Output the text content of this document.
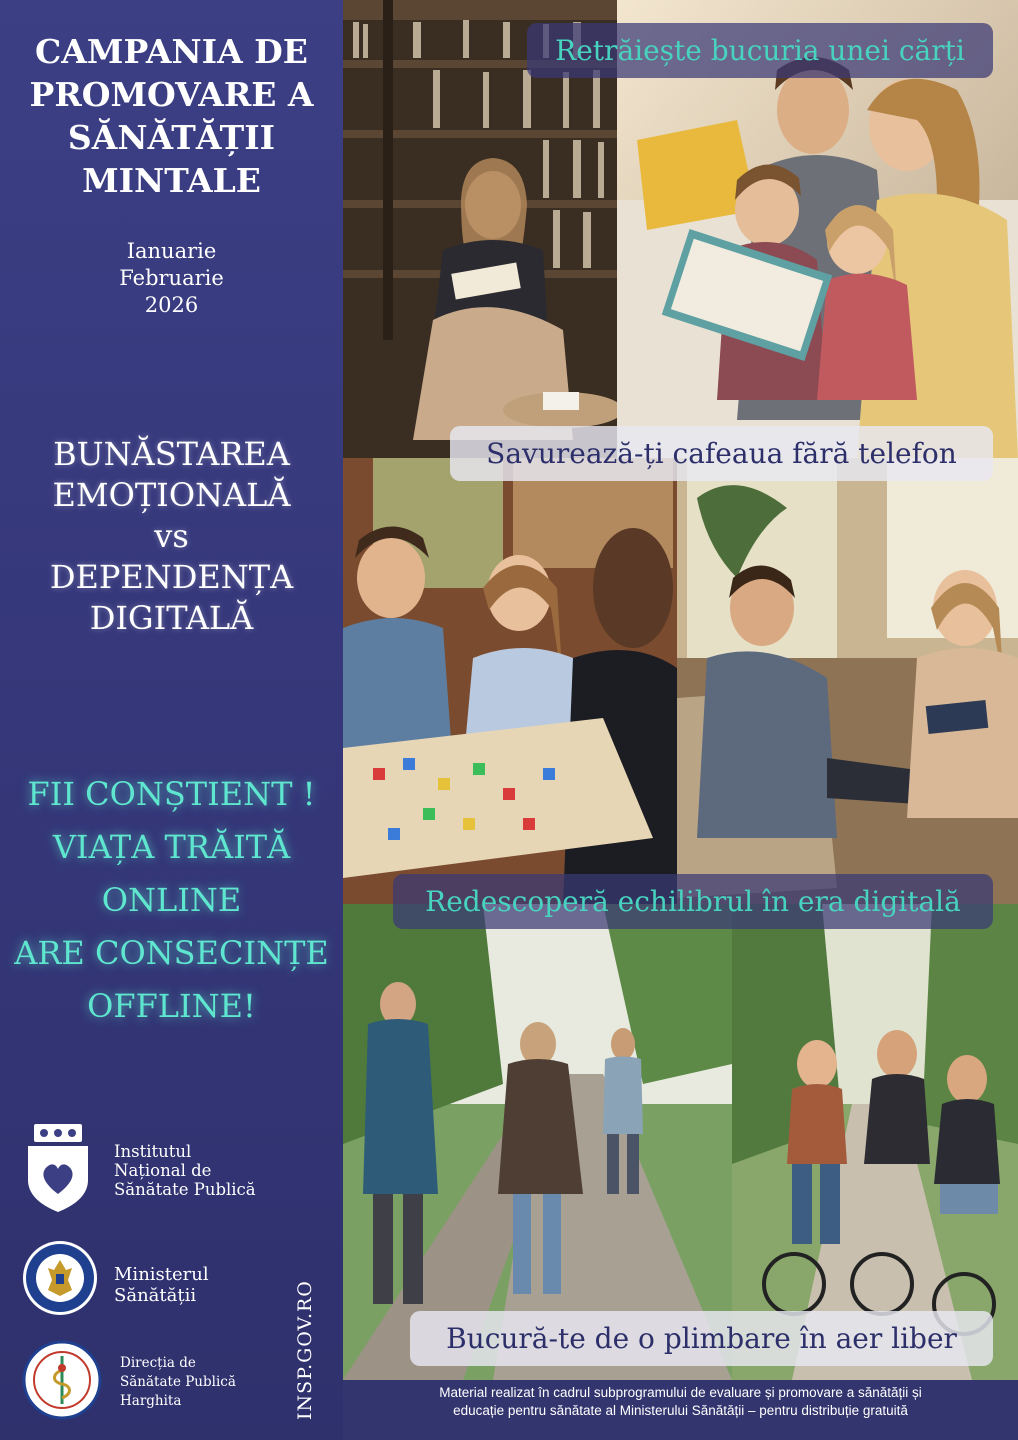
CAMPANIA DE
PROMOVARE A
SĂNĂTĂȚII
MINTALE
Ianuarie
Februarie
2026
BUNĂSTAREA
EMOȚIONALĂ
vs
DEPENDENȚA
DIGITALĂ
FII CONȘTIENT !
VIAȚA TRĂITĂ
ONLINE
ARE CONSECINȚE
OFFLINE!
Institutul
Național de
Sănătate Publică
Ministerul
Sănătății
Direcția de
Sănătate Publică
Harghita	INSP.GOV.RO
Retrăiește bucuria unei cărți
Savurează-ți cafeaua fără telefon
Redescoperă echilibrul în era digitală
Bucură-te de o plimbare în aer liber
Material realizat în cadrul subprogramului de evaluare și promovare a sănătății și
educație pentru sănătate al Ministerului Sănătății – pentru distribuție gratuită
